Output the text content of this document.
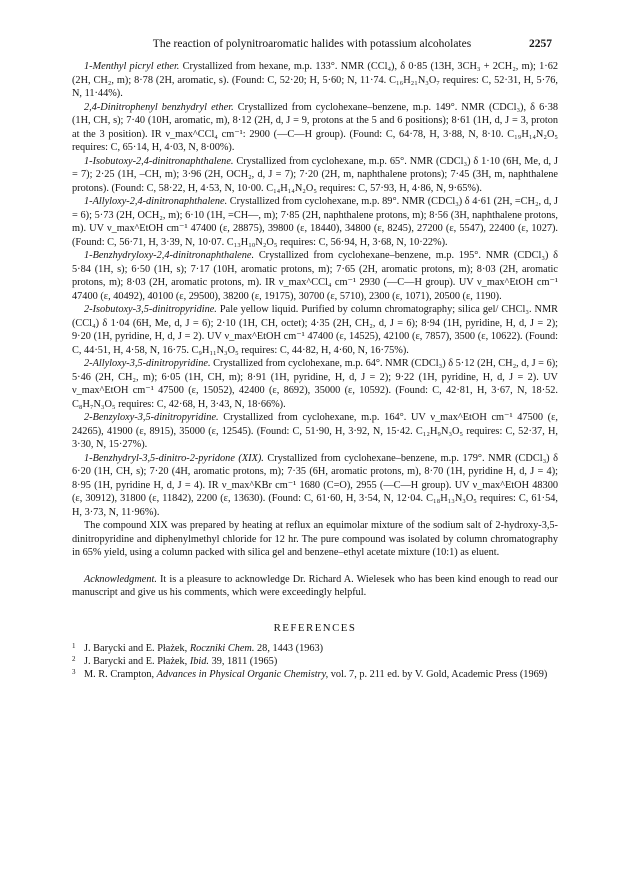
The reaction of polynitroaromatic halides with potassium alcoholates	2257

1-Menthyl picryl ether. Crystallized from hexane, m.p. 133°. NMR (CCl₄), δ 0·85 (13H, 3CH₃ + 2CH₂, m); 1·62 (2H, CH₂, m); 8·78 (2H, aromatic, s). (Found: C, 52·20; H, 5·60; N, 11·74. C₁₆H₂₁N₃O₇ requires: C, 52·31, H, 5·76, N, 11·44%).

2,4-Dinitrophenyl benzhydryl ether. Crystallized from cyclohexane–benzene, m.p. 149°. NMR (CDCl₃), δ 6·38 (1H, CH, s); 7·40 (10H, aromatic, m), 8·12 (2H, d, J = 9, protons at the 5 and 6 positions); 8·61 (1H, d, J = 3, proton at the 3 position). IR ν_max^CCl₄ cm⁻¹: 2900 (—C—H group). (Found: C, 64·78, H, 3·88, N, 8·10. C₁₉H₁₄N₂O₅ requires: C, 65·14, H, 4·03, N, 8·00%).

1-Isobutoxy-2,4-dinitronaphthalene. Crystallized from cyclohexane, m.p. 65°. NMR (CDCl₃) δ 1·10 (6H, Me, d, J = 7); 2·25 (1H, –CH, m); 3·96 (2H, OCH₂, d, J = 7); 7·20 (2H, m, naphthalene protons); 7·45 (3H, m, naphthalene protons). (Found: C, 58·22, H, 4·53, N, 10·00. C₁₄H₁₄N₂O₅ requires: C, 57·93, H, 4·86, N, 9·65%).

1-Allyloxy-2,4-dinitronaphthalene. Crystallized from cyclohexane, m.p. 89°. NMR (CDCl₃) δ 4·61 (2H, =CH₂, d, J = 6); 5·73 (2H, OCH₂, m); 6·10 (1H, =CH—, m); 7·85 (2H, naphthalene protons, m); 8·56 (3H, naphthalene protons, m). UV ν_max^EtOH cm⁻¹ 47400 (ε, 28875), 39800 (ε, 18440), 34800 (ε, 8245), 27200 (ε, 5547), 22400 (ε, 1027). (Found: C, 56·71, H, 3·39, N, 10·07. C₁₃H₁₀N₂O₅ requires: C, 56·94, H, 3·68, N, 10·22%).

1-Benzhydryloxy-2,4-dinitronaphthalene. Crystallized from cyclohexane–benzene, m.p. 195°. NMR (CDCl₃) δ 5·84 (1H, s); 6·50 (1H, s); 7·17 (10H, aromatic protons, m); 7·65 (2H, aromatic protons, m); 8·03 (2H, aromatic protons, m); 8·03 (2H, aromatic protons, m). IR ν_max^CCl₄ cm⁻¹ 2930 (—C—H group). UV ν_max^EtOH cm⁻¹ 47400 (ε, 40492), 40100 (ε, 29500), 38200 (ε, 19175), 30700 (ε, 5710), 2300 (ε, 1071), 20500 (ε, 1190).

2-Isobutoxy-3,5-dinitropyridine. Pale yellow liquid. Purified by column chromatography; silica gel/ CHCl₃. NMR (CCl₄) δ 1·04 (6H, Me, d, J = 6); 2·10 (1H, CH, octet); 4·35 (2H, CH₂, d, J = 6); 8·94 (1H, pyridine, H, d, J = 2); 9·20 (1H, pyridine, H, d, J = 2). UV ν_max^EtOH cm⁻¹ 47400 (ε, 14525), 42100 (ε, 7857), 3500 (ε, 10622). (Found: C, 44·51, H, 4·58, N, 16·75. C₉H₁₁N₃O₅ requires: C, 44·82, H, 4·60, N, 16·75%).

2-Allyloxy-3,5-dinitropyridine. Crystallized from cyclohexane, m.p. 64°. NMR (CDCl₃) δ 5·12 (2H, CH₂, d, J = 6); 5·46 (2H, CH₂, m); 6·05 (1H, CH, m); 8·91 (1H, pyridine, H, d, J = 2); 9·22 (1H, pyridine, H, d, J = 2). UV ν_max^EtOH cm⁻¹ 47500 (ε, 15052), 42400 (ε, 8692), 35000 (ε, 10592). (Found: C, 42·81, H, 3·67, N, 18·52. C₈H₇N₃O₅ requires: C, 42·68, H, 3·43, N, 18·66%).

2-Benzyloxy-3,5-dinitropyridine. Crystallized from cyclohexane, m.p. 164°. UV ν_max^EtOH cm⁻¹ 47500 (ε, 24265), 41900 (ε, 8915), 35000 (ε, 12545). (Found: C, 51·90, H, 3·92, N, 15·42. C₁₂H₉N₃O₅ requires: C, 52·37, H, 3·30, N, 15·27%).

1-Benzhydryl-3,5-dinitro-2-pyridone (XIX). Crystallized from cyclohexane–benzene, m.p. 179°. NMR (CDCl₃) δ 6·20 (1H, CH, s); 7·20 (4H, aromatic protons, m); 7·35 (6H, aromatic protons, m), 8·70 (1H, pyridine H, d, J = 4); 8·95 (1H, pyridine H, d, J = 4). IR ν_max^KBr cm⁻¹ 1680 (C=O), 2955 (—C—H group). UV ν_max^EtOH 48300 (ε, 30912), 31800 (ε, 11842), 2200 (ε, 13630). (Found: C, 61·60, H, 3·54, N, 12·04. C₁₈H₁₃N₃O₅ requires: C, 61·54, H, 3·73, N, 11·96%).

The compound XIX was prepared by heating at reflux an equimolar mixture of the sodium salt of 2-hydroxy-3,5-dinitropyridine and diphenylmethyl chloride for 12 hr. The pure compound was isolated by column chromatography in 65% yield, using a column packed with silica gel and benzene–ethyl acetate mixture (10:1) as eluent.

Acknowledgment. It is a pleasure to acknowledge Dr. Richard A. Wielesek who has been kind enough to read our manuscript and give us his comments, which were exceedingly helpful.

REFERENCES
1 J. Barycki and E. Płażek, Roczniki Chem. 28, 1443 (1963)
2 J. Barycki and E. Płażek, Ibid. 39, 1811 (1965)
3 M. R. Crampton, Advances in Physical Organic Chemistry, vol. 7, p. 211 ed. by V. Gold, Academic Press (1969)
